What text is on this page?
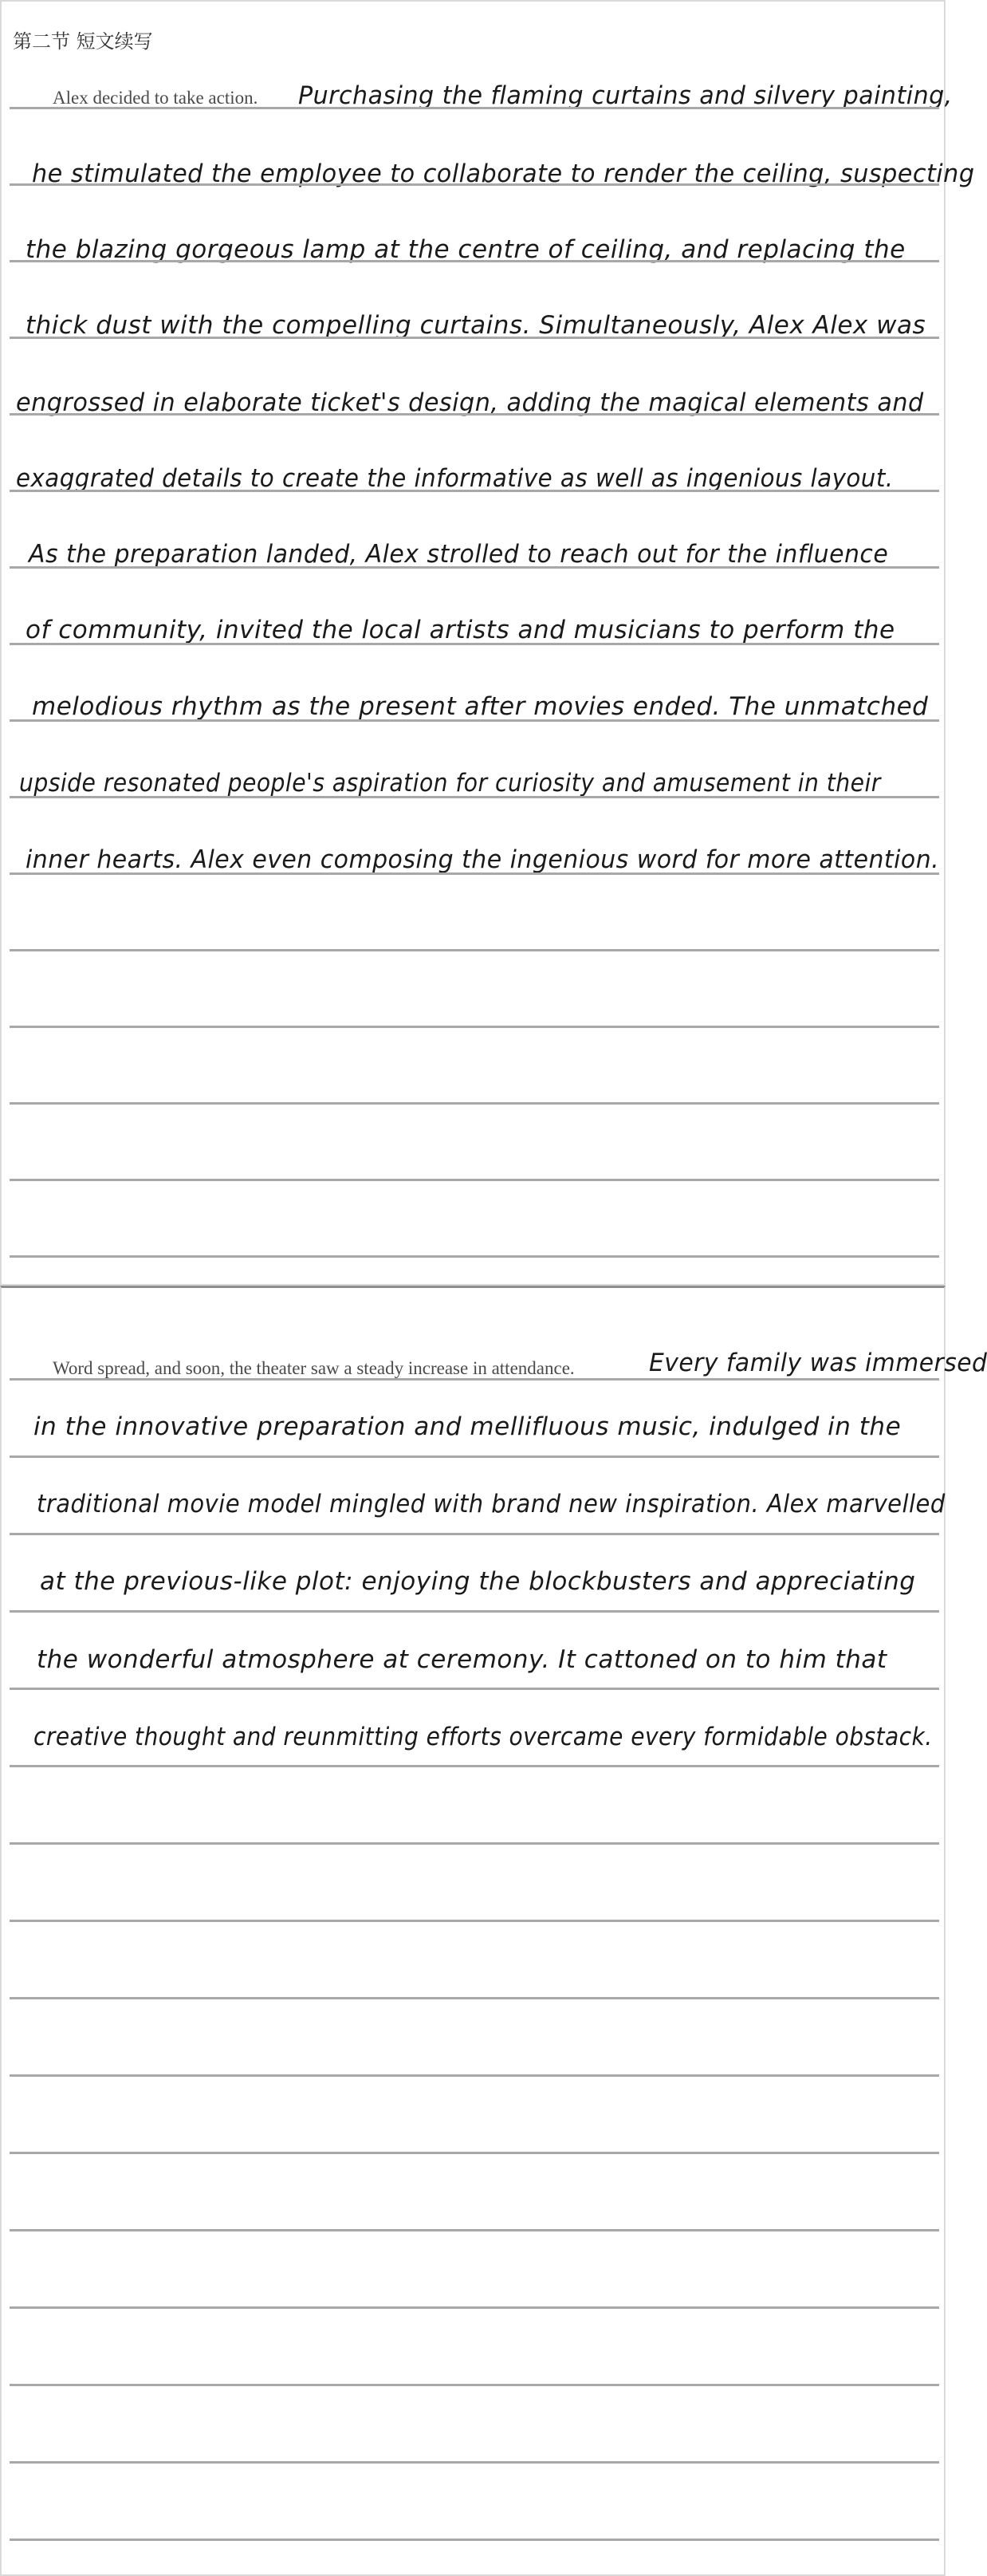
第二节 短文续写
Alex decided to take action. Purchasing the flaming curtains and silvery painting,
he stimulated the employee to collaborate to render the ceiling, suspecting
the blazing gorgeous lamp at the centre of ceiling, and replacing the
thick dust with the compelling curtains. Simultaneously, Alex Alex was
engrossed in elaborate ticket's design, adding the magical elements and
exaggrated details to create the informative as well as ingenious layout.
As the preparation landed, Alex strolled to reach out for the influence
of community, invited the local artists and musicians to perform the
melodious rhythm as the present after movies ended. The unmatched
upside resonated people's aspiration for curiosity and amusement in their
inner hearts. Alex even composing the ingenious word for more attention.
Word spread, and soon, the theater saw a steady increase in attendance.	Every family was immersed
in the innovative preparation and mellifluous music, indulged in the
traditional movie model mingled with brand new inspiration. Alex marvelled
at the previous-like plot: enjoying the blockbusters and appreciating
the wonderful atmosphere at ceremony. It cattoned on to him that
creative thought and reunmitting efforts overcame every formidable obstack.
